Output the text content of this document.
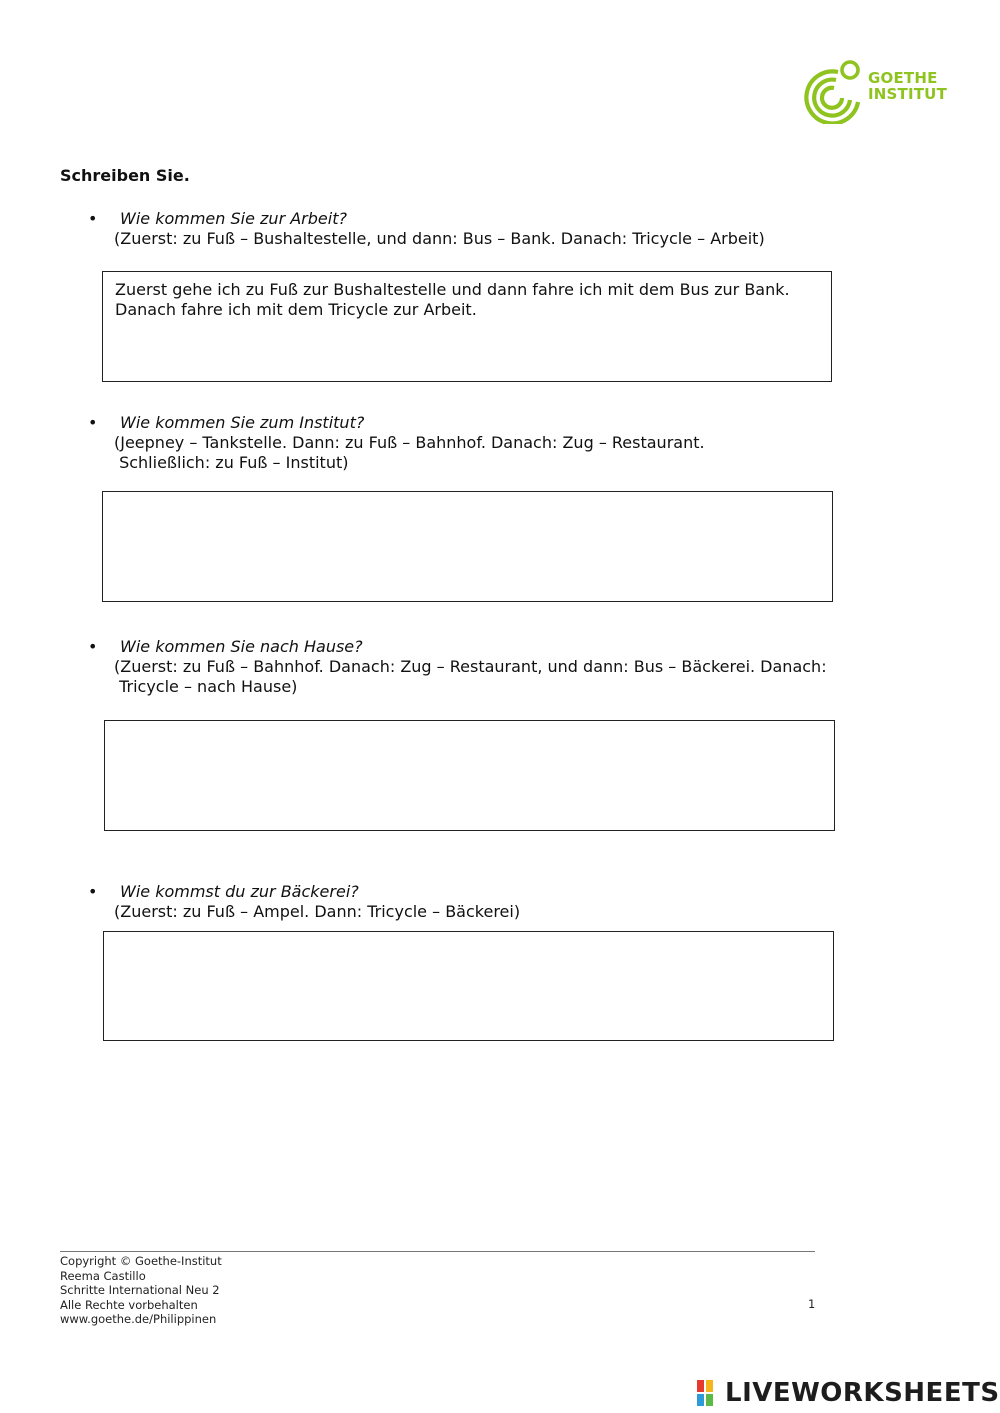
GOETHE
INSTITUT
Schreiben Sie.
• Wie kommen Sie zur Arbeit?
(Zuerst: zu Fuß – Bushaltestelle, und dann: Bus – Bank. Danach: Tricycle – Arbeit)
Zuerst gehe ich zu Fuß zur Bushaltestelle und dann fahre ich mit dem Bus zur Bank. Danach fahre ich mit dem Tricycle zur Arbeit.
• Wie kommen Sie zum Institut?
(Jeepney – Tankstelle. Dann: zu Fuß – Bahnhof. Danach: Zug – Restaurant.
Schließlich: zu Fuß – Institut)
• Wie kommen Sie nach Hause?
(Zuerst: zu Fuß – Bahnhof. Danach: Zug – Restaurant, und dann: Bus – Bäckerei. Danach:
Tricycle – nach Hause)
• Wie kommst du zur Bäckerei?
(Zuerst: zu Fuß – Ampel. Dann: Tricycle – Bäckerei)
Copyright © Goethe-Institut
Reema Castillo
Schritte International Neu 2
Alle Rechte vorbehalten
www.goethe.de/Philippinen
1
LIVEWORKSHEETS
